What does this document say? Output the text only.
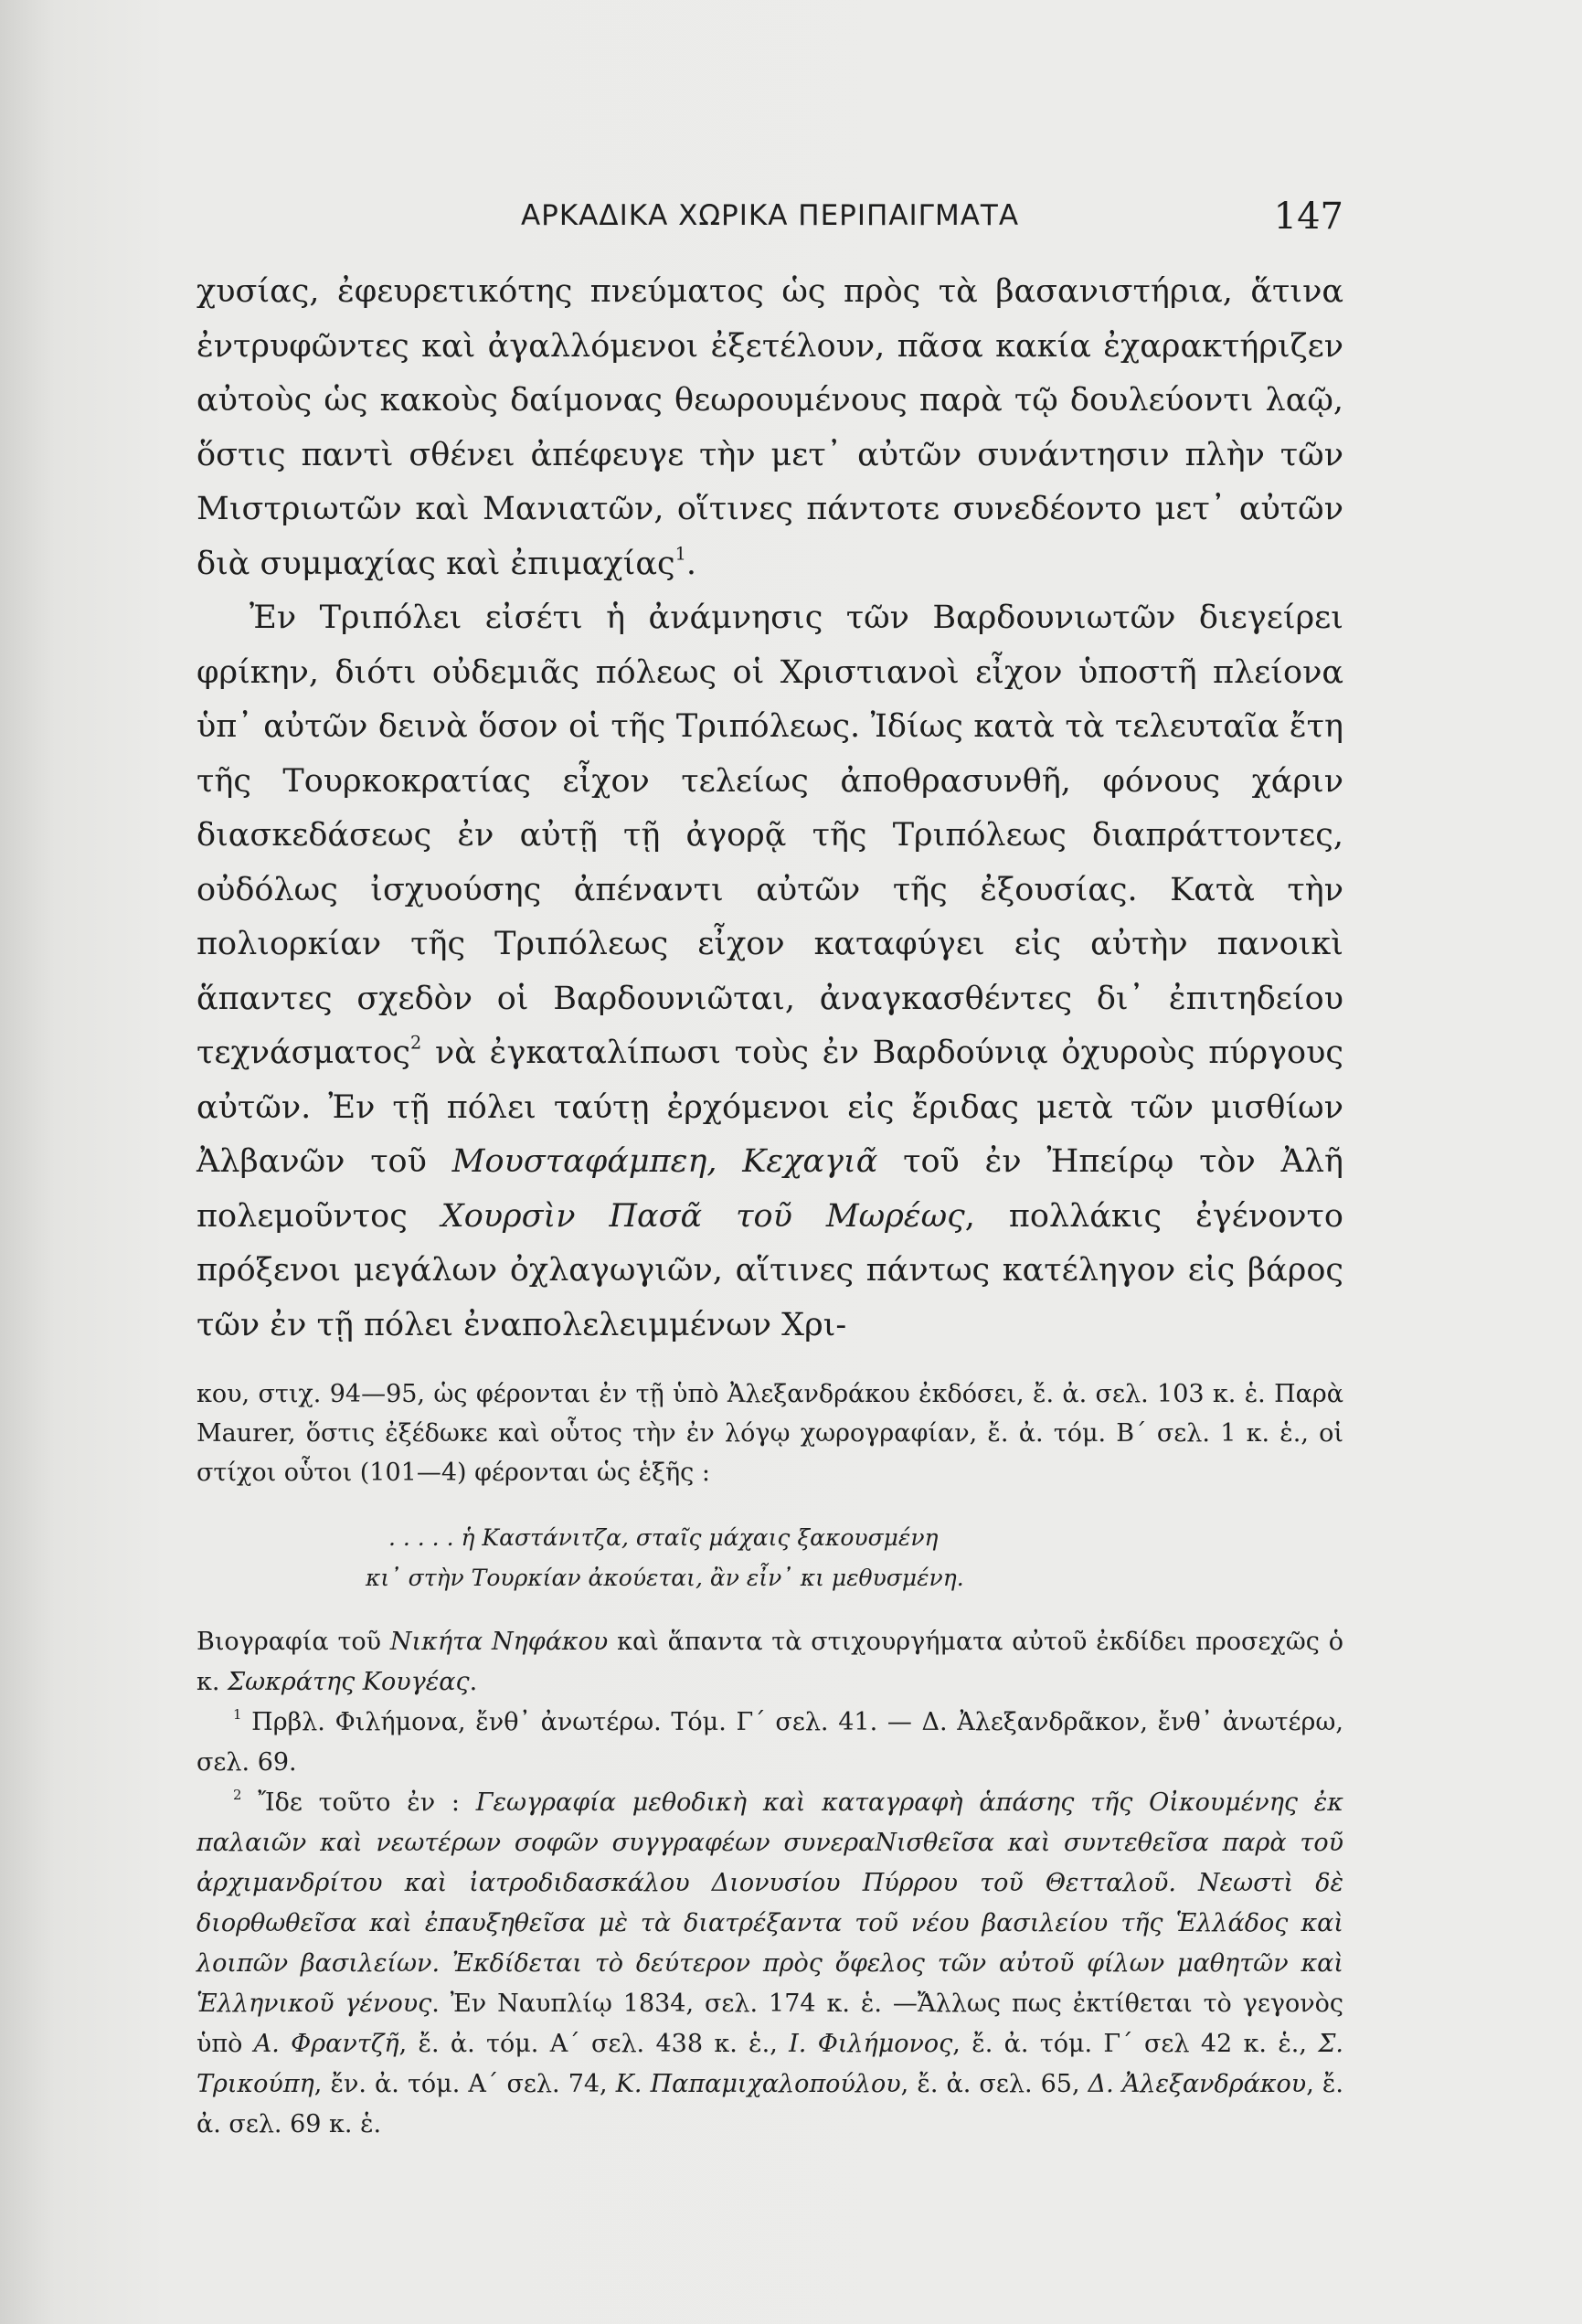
ΑΡΚΑΔΙΚΑ ΧΩΡΙΚΑ ΠΕΡΙΠΑΙΓΜΑΤΑ	147

χυσίας, ἐφευρετικότης πνεύματος ὡς πρὸς τὰ βασανιστήρια, ἅτινα ἐντρυφῶντες καὶ ἀγαλλόμενοι ἐξετέλουν, πᾶσα κακία ἐχαρακτήριζεν αὐτοὺς ὡς κακοὺς δαίμονας θεωρουμένους παρὰ τῷ δουλεύοντι λαῷ, ὅστις παντὶ σθένει ἀπέφευγε τὴν μετ᾽ αὐτῶν συνάντησιν πλὴν τῶν Μιστριωτῶν καὶ Μανιατῶν, οἵτινες πάντοτε συνεδέοντο μετ᾽ αὐτῶν διὰ συμμαχίας καὶ ἐπιμαχίας$^1$.

Ἐν Τριπόλει εἰσέτι ἡ ἀνάμνησις τῶν Βαρδουνιωτῶν διεγείρει φρίκην, διότι οὐδεμιᾶς πόλεως οἱ Χριστιανοὶ εἶχον ὑποστῆ πλείονα ὑπ᾽ αὐτῶν δεινὰ ὅσον οἱ τῆς Τριπόλεως. Ἰδίως κατὰ τὰ τελευταῖα ἔτη τῆς Τουρκοκρατίας εἶχον τελείως ἀποθρασυνθῆ, φόνους χάριν διασκεδάσεως ἐν αὐτῇ τῇ ἀγορᾷ τῆς Τριπόλεως διαπράττοντες, οὐδόλως ἰσχυούσης ἀπέναντι αὐτῶν τῆς ἐξουσίας. Κατὰ τὴν πολιορκίαν τῆς Τριπόλεως εἶχον καταφύγει εἰς αὐτὴν πανοικὶ ἅπαντες σχεδὸν οἱ Βαρδουνιῶται, ἀναγκασθέντες δι᾽ ἐπιτηδείου τεχνάσματος$^2$ νὰ ἐγκαταλίπωσι τοὺς ἐν Βαρδούνιᾳ ὀχυροὺς πύργους αὐτῶν. Ἐν τῇ πόλει ταύτῃ ἐρχόμενοι εἰς ἔριδας μετὰ τῶν μισθίων Ἀλβανῶν τοῦ Μουσταφάμπεη, Κεχαγιᾶ τοῦ ἐν Ἠπείρῳ τὸν Ἀλῆ πολεμοῦντος Χουρσὶν Πασᾶ τοῦ Μωρέως, πολλάκις ἐγένοντο πρόξενοι μεγάλων ὀχλαγωγιῶν, αἵτινες πάντως κατέληγον εἰς βάρος τῶν ἐν τῇ πόλει ἐναπολελειμμένων Χρι-

κου, στιχ. 94—95, ὡς φέρονται ἐν τῇ ὑπὸ Ἀλεξανδράκου ἐκδόσει, ἔ. ἀ. σελ. 103 κ. ἑ. Παρὰ Maurer, ὅστις ἐξέδωκε καὶ οὗτος τὴν ἐν λόγῳ χωρογραφίαν, ἔ. ἀ. τόμ. Β´ σελ. 1 κ. ἑ., οἱ στίχοι οὗτοι (101—4) φέρονται ὡς ἑξῆς :

. . . . . ἡ Καστάνιτζα, σταῖς μάχαις ξακουσμένη
κι᾽ στὴν Τουρκίαν ἀκούεται, ἂν εἶν᾽ κι μεθυσμένη.

Βιογραφία τοῦ Νικήτα Νηφάκου καὶ ἅπαντα τὰ στιχουργήματα αὐτοῦ ἐκδίδει προσεχῶς ὁ κ. Σωκράτης Κουγέας.

$^1$ Πρβλ. Φιλήμονα, ἔνθ᾽ ἀνωτέρω. Τόμ. Γ´ σελ. 41. — Δ. Ἀλεξανδρᾶκον, ἔνθ᾽ ἀνωτέρω, σελ. 69.

$^2$ Ἴδε τοῦτο ἐν : Γεωγραφία μεθοδικὴ καὶ καταγραφὴ ἁπάσης τῆς Οἰκουμένης ἐκ παλαιῶν καὶ νεωτέρων σοφῶν συγγραφέων συνεραNισθεῖσα καὶ συντεθεῖσα παρὰ τοῦ ἀρχιμανδρίτου καὶ ἰατροδιδασκάλου Διονυσίου Πύρρου τοῦ Θετταλοῦ. Νεωστὶ δὲ διορθωθεῖσα καὶ ἐπαυξηθεῖσα μὲ τὰ διατρέξαντα τοῦ νέου βασιλείου τῆς Ἑλλάδος καὶ λοιπῶν βασιλείων. Ἐκδίδεται τὸ δεύτερον πρὸς ὄφελος τῶν αὐτοῦ φίλων μαθητῶν καὶ Ἑλληνικοῦ γένους. Ἐν Ναυπλίῳ 1834, σελ. 174 κ. ἑ. —Ἄλλως πως ἐκτίθεται τὸ γεγονὸς ὑπὸ Α. Φραντζῆ, ἔ. ἀ. τόμ. Α´ σελ. 438 κ. ἑ., Ι. Φιλήμονος, ἔ. ἀ. τόμ. Γ´ σελ 42 κ. ἑ., Σ. Τρικούπη, ἔν. ἀ. τόμ. Α´ σελ. 74, Κ. Παπαμιχαλοπούλου, ἔ. ἀ. σελ. 65, Δ. Ἀλεξανδράκου, ἔ. ἀ. σελ. 69 κ. ἑ.
